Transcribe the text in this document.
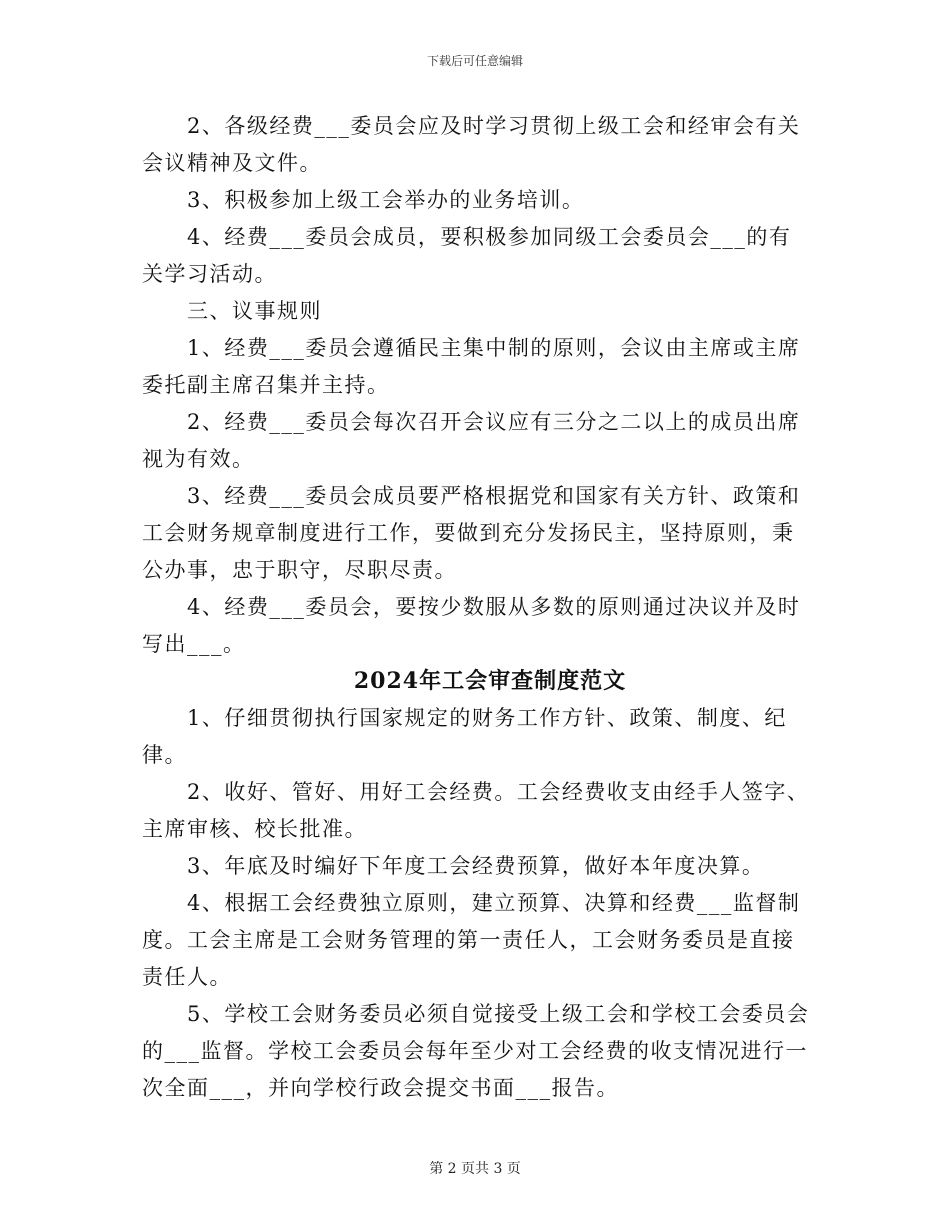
下载后可任意编辑

2、各级经费___委员会应及时学习贯彻上级工会和经审会有关会议精神及文件。

3、积极参加上级工会举办的业务培训。

4、经费___委员会成员，要积极参加同级工会委员会___的有关学习活动。

三、议事规则

1、经费___委员会遵循民主集中制的原则，会议由主席或主席委托副主席召集并主持。

2、经费___委员会每次召开会议应有三分之二以上的成员出席视为有效。

3、经费___委员会成员要严格根据党和国家有关方针、政策和工会财务规章制度进行工作，要做到充分发扬民主，坚持原则，秉公办事，忠于职守，尽职尽责。

4、经费___委员会，要按少数服从多数的原则通过决议并及时写出___。

2024年工会审查制度范文

1、仔细贯彻执行国家规定的财务工作方针、政策、制度、纪律。

2、收好、管好、用好工会经费。工会经费收支由经手人签字、主席审核、校长批准。

3、年底及时编好下年度工会经费预算，做好本年度决算。

4、根据工会经费独立原则，建立预算、决算和经费___监督制度。工会主席是工会财务管理的第一责任人，工会财务委员是直接责任人。

5、学校工会财务委员必须自觉接受上级工会和学校工会委员会的___监督。学校工会委员会每年至少对工会经费的收支情况进行一次全面___，并向学校行政会提交书面___报告。

第 2 页共 3 页
